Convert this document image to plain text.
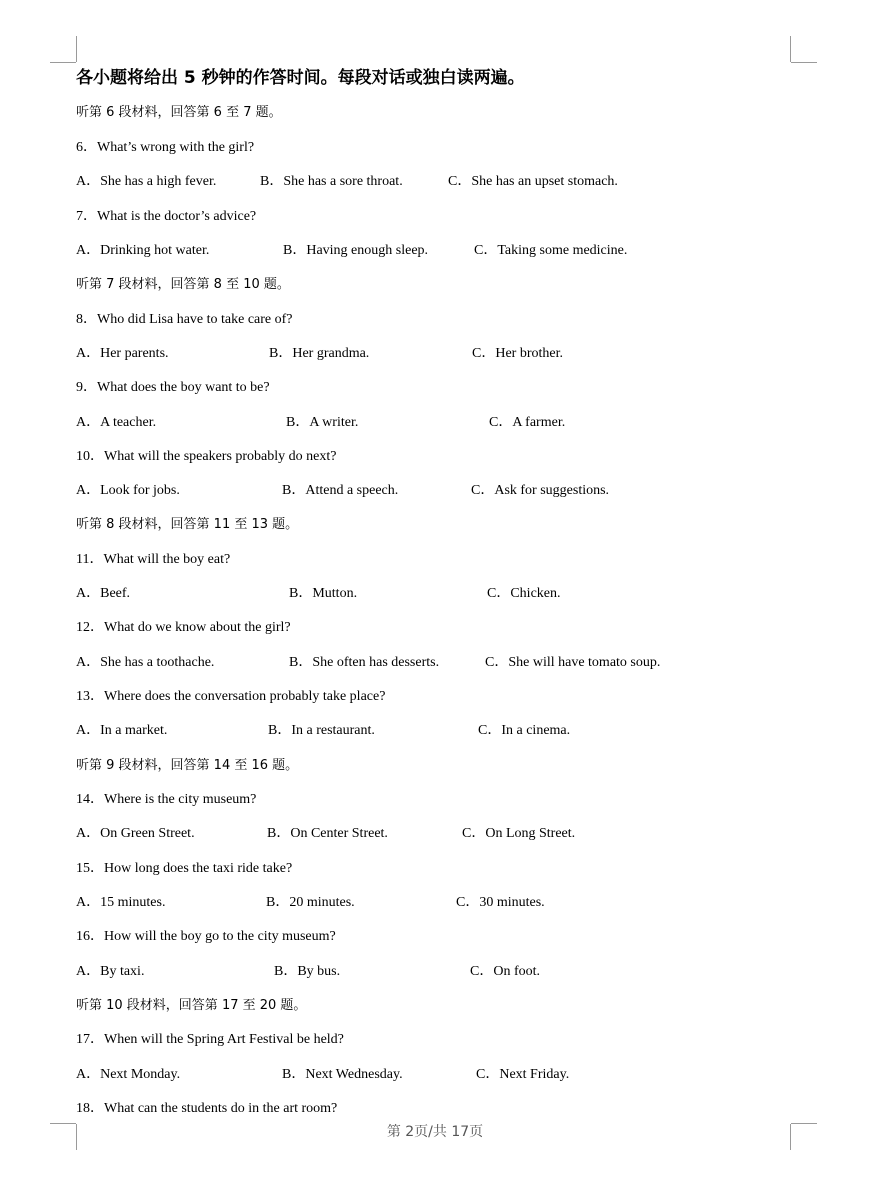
各小题将给出 5 秒钟的作答时间。每段对话或独白读两遍。
听第 6 段材料，回答第 6 至 7 题。
6．What’s wrong with the girl?
A．She has a high fever.	B．She has a sore throat.	C．She has an upset stomach.
7．What is the doctor’s advice?
A．Drinking hot water.	B．Having enough sleep.	C．Taking some medicine.
听第 7 段材料，回答第 8 至 10 题。
8．Who did Lisa have to take care of?
A．Her parents.	B．Her grandma.	C．Her brother.
9．What does the boy want to be?
A．A teacher.	B．A writer.	C．A farmer.
10．What will the speakers probably do next?
A．Look for jobs.	B．Attend a speech.	C．Ask for suggestions.
听第 8 段材料，回答第 11 至 13 题。
11．What will the boy eat?
A．Beef.	B．Mutton.	C．Chicken.
12．What do we know about the girl?
A．She has a toothache.	B．She often has desserts.	C．She will have tomato soup.
13．Where does the conversation probably take place?
A．In a market.	B．In a restaurant.	C．In a cinema.
听第 9 段材料，回答第 14 至 16 题。
14．Where is the city museum?
A．On Green Street.	B．On Center Street.	C．On Long Street.
15．How long does the taxi ride take?
A．15 minutes.	B．20 minutes.	C．30 minutes.
16．How will the boy go to the city museum?
A．By taxi.	B．By bus.	C．On foot.
听第 10 段材料，回答第 17 至 20 题。
17．When will the Spring Art Festival be held?
A．Next Monday.	B．Next Wednesday.	C．Next Friday.
18．What can the students do in the art room?
第 2页/共 17页
